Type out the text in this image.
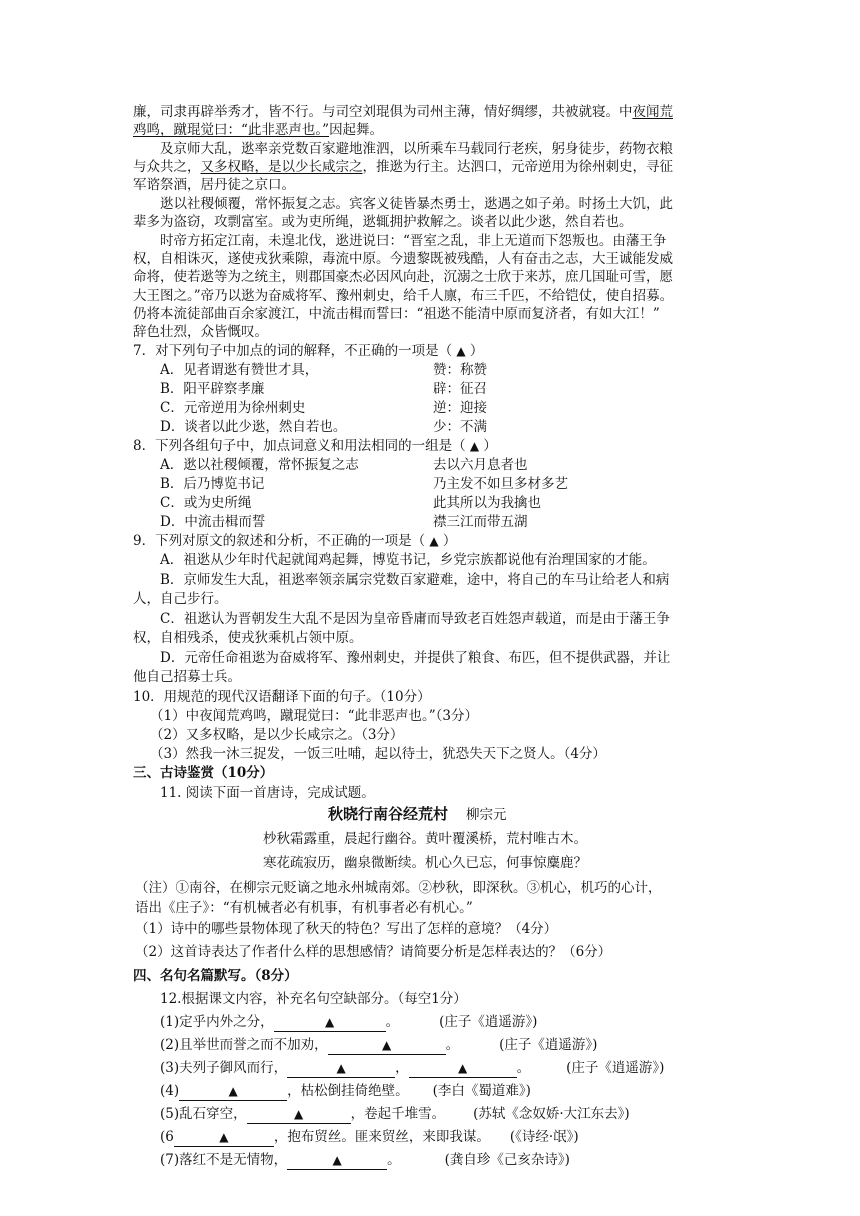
廉，司隶再辟举秀才，皆不行。与司空刘琨俱为司州主薄，情好绸缪，共被就寝。中夜闻荒
鸡鸣，蹴琨觉曰：“此非恶声也。”因起舞。
及京师大乱，逖率亲党数百家避地淮泗，以所乘车马载同行老疾，躬身徒步，药物衣粮
与众共之，又多权略，是以少长咸宗之，推逖为行主。达泗口，元帝逆用为徐州刺史，寻征
军谘祭酒，居丹徒之京口。
逖以社稷倾覆，常怀振复之志。宾客义徒皆暴杰勇士，逖遇之如子弟。时扬土大饥，此
辈多为盗窃，攻剽富室。或为吏所绳，逖辄拥护救解之。谈者以此少逖，然自若也。
时帝方拓定江南，未遑北伐，逖进说曰：“晋室之乱，非上无道而下怨叛也。由藩王争
权，自相诛灭，遂使戎狄乘隙，毒流中原。今遗黎既被残酷，人有奋击之志，大王诚能发威
命将，使若逖等为之统主，则郡国豪杰必因风向赴，沉溺之士欣于来苏，庶几国耻可雪，愿
大王图之。”帝乃以逖为奋威将军、豫州刺史，给千人廪，布三千匹，不给铠仗，使自招募。
仍将本流徒部曲百余家渡江，中流击楫而誓曰：“祖逖不能清中原而复济者，有如大江！”
辞色壮烈，众皆慨叹。
7．对下列句子中加点的词的解释，不正确的一项是（ ▲ ）
A．见者谓逖有赞世才具，	赞：称赞
B．阳平辟察孝廉	辟：征召
C．元帝逆用为徐州刺史	逆：迎接
D．谈者以此少逖，然自若也。	少：不满
8．下列各组句子中，加点词意义和用法相同的一组是（ ▲ ）
A．逖以社稷倾覆，常怀振复之志	去以六月息者也
B．后乃博览书记	乃主发不如旦多材多艺
C．或为史所绳	此其所以为我擒也
D．中流击楫而誓	襟三江而带五湖
9．下列对原文的叙述和分析，不正确的一项是（ ▲ ）
A．祖逖从少年时代起就闻鸡起舞，博览书记，乡党宗族都说他有治理国家的才能。
B．京师发生大乱，祖逖率领亲属宗党数百家避难，途中，将自己的车马让给老人和病
人，自己步行。
C．祖逖认为晋朝发生大乱不是因为皇帝昏庸而导致老百姓怨声载道，而是由于藩王争
权，自相残杀，使戎狄乘机占领中原。
D．元帝任命祖逖为奋威将军、豫州刺史，并提供了粮食、布匹，但不提供武器，并让
他自己招募士兵。
10．用规范的现代汉语翻译下面的句子。（10分）
（1）中夜闻荒鸡鸣，蹴琨觉曰：“此非恶声也。”（3分）
（2）又多权略，是以少长咸宗之。（3分）
（3）然我一沐三捉发，一饭三吐哺，起以待士，犹恐失天下之贤人。（4分）
三、古诗鉴赏（10分）
11. 阅读下面一首唐诗，完成试题。
秋晓行南谷经荒村 柳宗元
杪秋霜露重，晨起行幽谷。黄叶覆溪桥，荒村唯古木。
寒花疏寂历，幽泉微断续。机心久已忘，何事惊麋鹿？
（注）①南谷，在柳宗元贬谪之地永州城南郊。②杪秋，即深秋。③机心，机巧的心计，
语出《庄子》：“有机械者必有机事，有机事者必有机心。”
（1）诗中的哪些景物体现了秋天的特色？写出了怎样的意境？（4分）
（2）这首诗表达了作者什么样的思想感情？请简要分析是怎样表达的？（6分）
四、名句名篇默写。（8分）
12.根据课文内容，补充名句空缺部分。（每空1分）
(1)定乎内外之分，	▲	。	(庄子《逍遥游》)
(2)且举世而誉之而不加劝，	▲	。	(庄子《逍遥游》)
(3)夫列子御风而行，	▲	，	▲	。	(庄子《逍遥游》)
(4)	▲	，枯松倒挂倚绝壁。 (李白《蜀道难》)
(5)乱石穿空，	▲	，卷起千堆雪。 (苏轼《念奴娇·大江东去》)
(6	▲	，抱布贸丝。匪来贸丝，来即我谋。 (《诗经·氓》)
(7)落红不是无情物，	▲	。	(龚自珍《己亥杂诗》)
